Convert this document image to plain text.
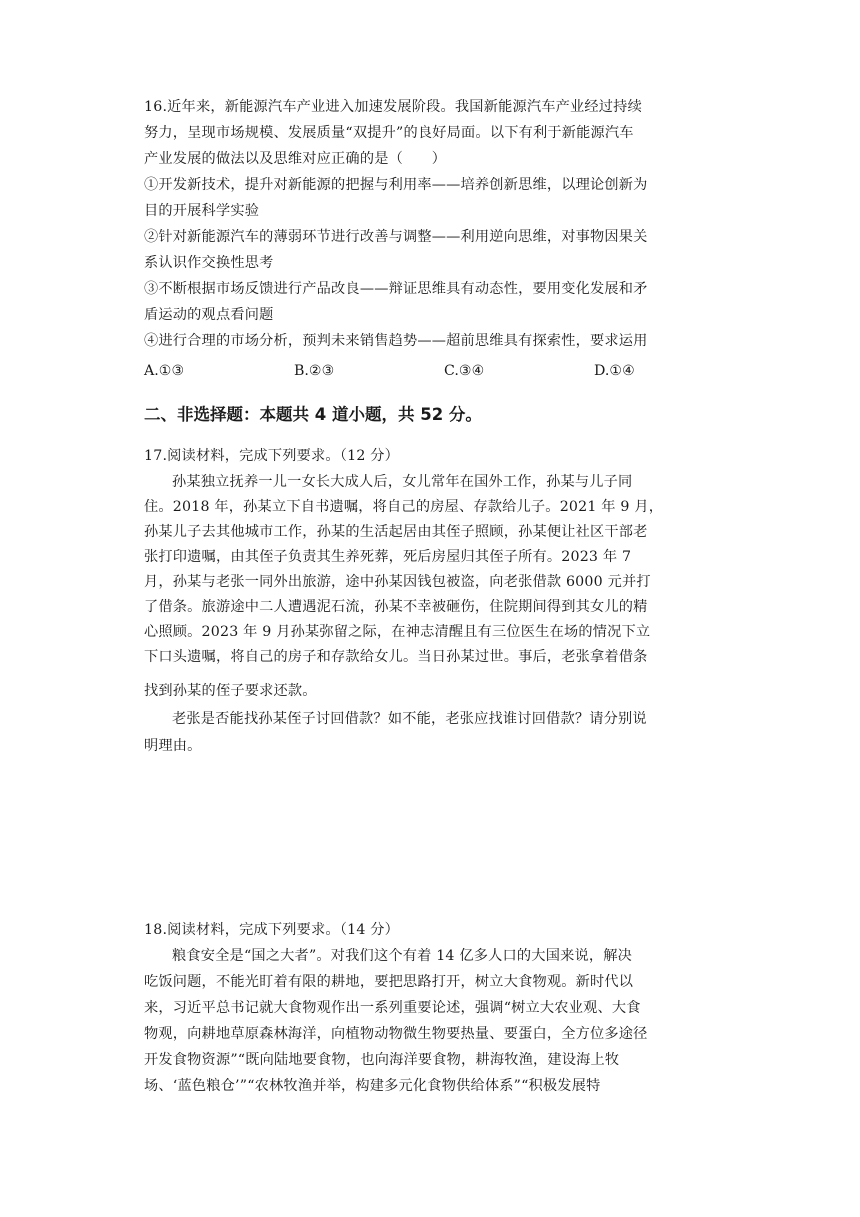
16.近年来，新能源汽车产业进入加速发展阶段。我国新能源汽车产业经过持续
努力，呈现市场规模、发展质量“双提升”的良好局面。以下有利于新能源汽车
产业发展的做法以及思维对应正确的是（　　）
①开发新技术，提升对新能源的把握与利用率——培养创新思维，以理论创新为
目的开展科学实验
②针对新能源汽车的薄弱环节进行改善与调整——利用逆向思维，对事物因果关
系认识作交换性思考
③不断根据市场反馈进行产品改良——辩证思维具有动态性，要用变化发展和矛
盾运动的观点看问题
④进行合理的市场分析，预判未来销售趋势——超前思维具有探索性，要求运用
A.①③	B.②③	C.③④	D.①④
二、非选择题：本题共 4 道小题，共 52 分。
17.阅读材料，完成下列要求。（12 分）
孙某独立抚养一儿一女长大成人后，女儿常年在国外工作，孙某与儿子同
住。2018 年，孙某立下自书遗嘱，将自己的房屋、存款给儿子。2021 年 9 月，
孙某儿子去其他城市工作，孙某的生活起居由其侄子照顾，孙某便让社区干部老
张打印遗嘱，由其侄子负责其生养死葬，死后房屋归其侄子所有。2023 年 7
月，孙某与老张一同外出旅游，途中孙某因钱包被盗，向老张借款 6000 元并打
了借条。旅游途中二人遭遇泥石流，孙某不幸被砸伤，住院期间得到其女儿的精
心照顾。2023 年 9 月孙某弥留之际，在神志清醒且有三位医生在场的情况下立
下口头遗嘱，将自己的房子和存款给女儿。当日孙某过世。事后，老张拿着借条
找到孙某的侄子要求还款。
老张是否能找孙某侄子讨回借款？如不能，老张应找谁讨回借款？请分别说
明理由。
18.阅读材料，完成下列要求。（14 分）
粮食安全是“国之大者”。对我们这个有着 14 亿多人口的大国来说，解决
吃饭问题，不能光盯着有限的耕地，要把思路打开，树立大食物观。新时代以
来，习近平总书记就大食物观作出一系列重要论述，强调“树立大农业观、大食
物观，向耕地草原森林海洋，向植物动物微生物要热量、要蛋白，全方位多途径
开发食物资源”“既向陆地要食物，也向海洋要食物，耕海牧渔，建设海上牧
场、‘蓝色粮仓’”“农林牧渔并举，构建多元化食物供给体系”“积极发展特
